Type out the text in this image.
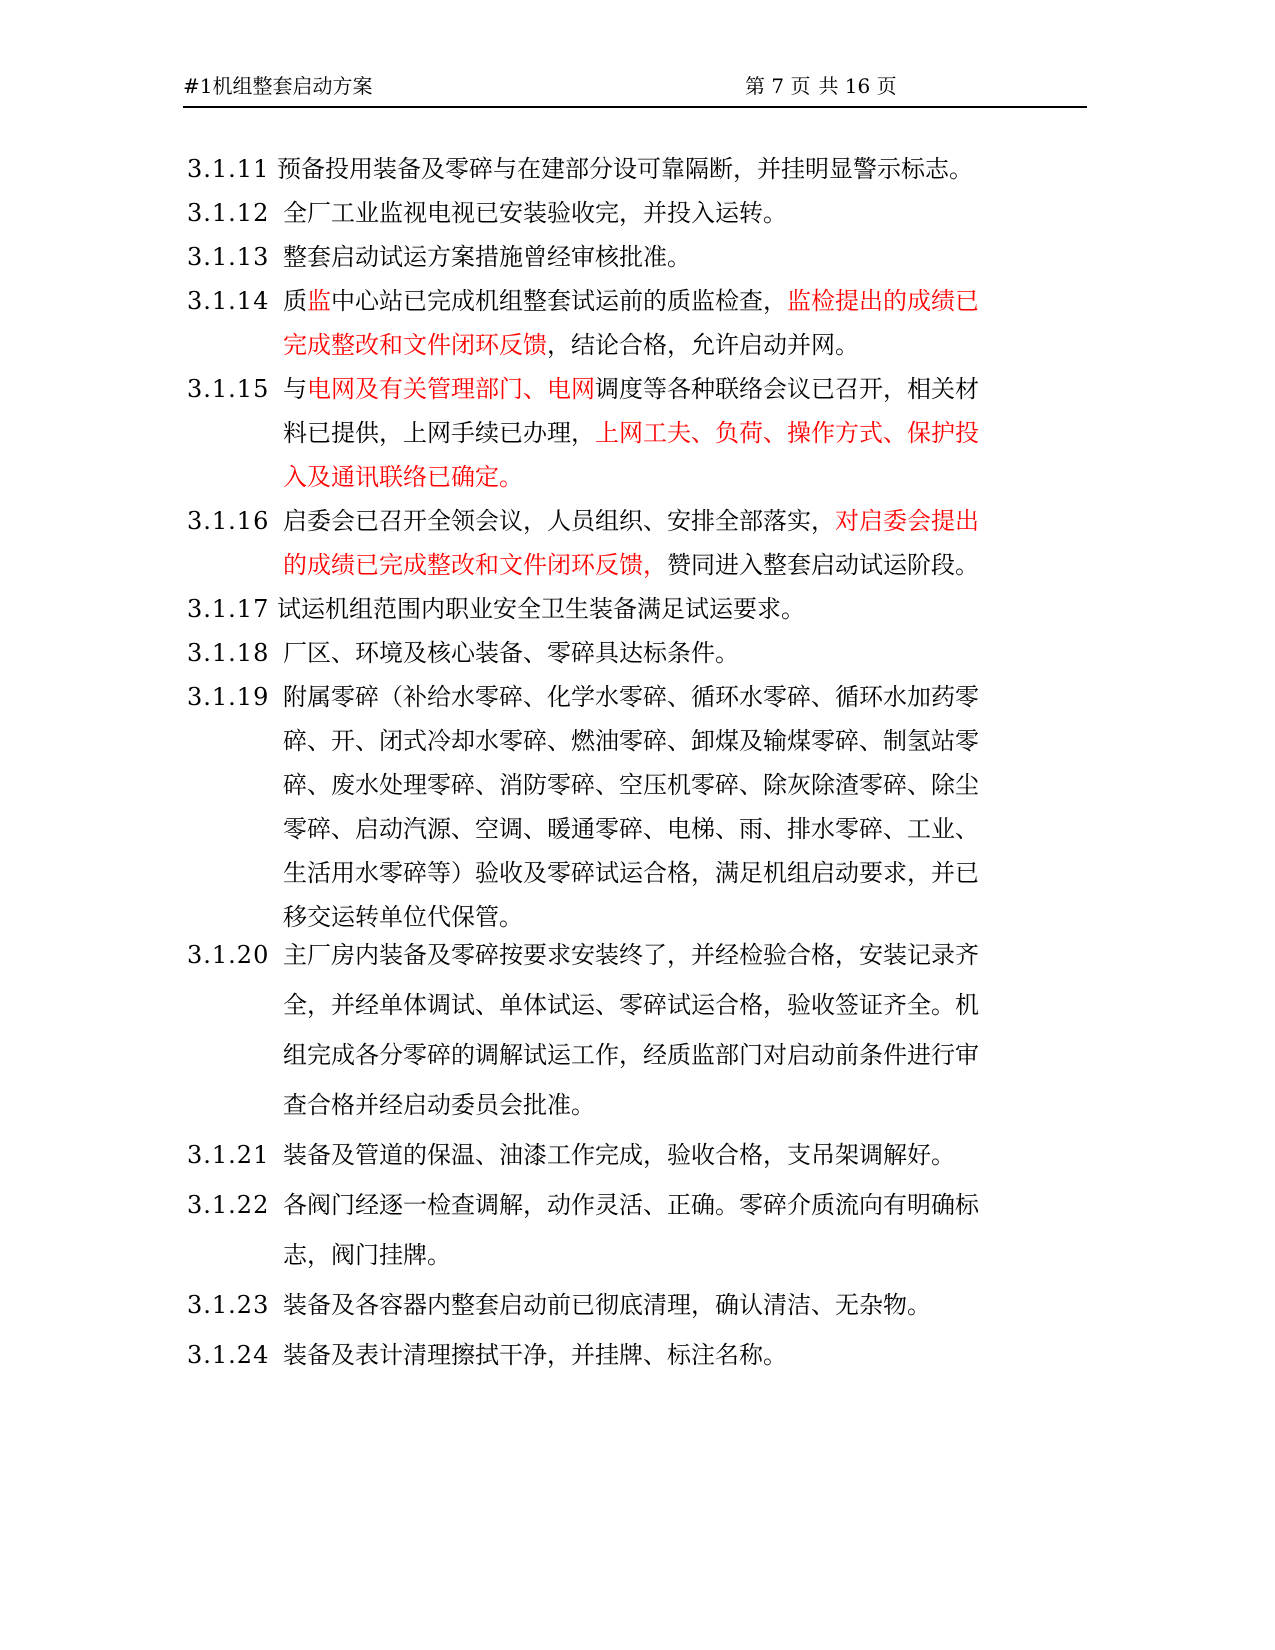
#1机组整套启动方案	第 7 页 共 16 页
3.1.11 预备投用装备及零碎与在建部分设可靠隔断，并挂明显警示标志。
3.1.12 全厂工业监视电视已安装验收完，并投入运转。
3.1.13 整套启动试运方案措施曾经审核批准。
3.1.14 质监中心站已完成机组整套试运前的质监检查，监检提出的成绩已
完成整改和文件闭环反馈，结论合格，允许启动并网。
3.1.15 与电网及有关管理部门、电网调度等各种联络会议已召开，相关材
料已提供，上网手续已办理，上网工夫、负荷、操作方式、保护投
入及通讯联络已确定。
3.1.16 启委会已召开全领会议，人员组织、安排全部落实，对启委会提出
的成绩已完成整改和文件闭环反馈，赞同进入整套启动试运阶段。
3.1.17 试运机组范围内职业安全卫生装备满足试运要求。
3.1.18 厂区、环境及核心装备、零碎具达标条件。
3.1.19 附属零碎（补给水零碎、化学水零碎、循环水零碎、循环水加药零
碎、开、闭式冷却水零碎、燃油零碎、卸煤及输煤零碎、制氢站零
碎、废水处理零碎、消防零碎、空压机零碎、除灰除渣零碎、除尘
零碎、启动汽源、空调、暖通零碎、电梯、雨、排水零碎、工业、
生活用水零碎等）验收及零碎试运合格，满足机组启动要求，并已
移交运转单位代保管。
3.1.20 主厂房内装备及零碎按要求安装终了，并经检验合格，安装记录齐
全，并经单体调试、单体试运、零碎试运合格，验收签证齐全。机
组完成各分零碎的调解试运工作，经质监部门对启动前条件进行审
查合格并经启动委员会批准。
3.1.21 装备及管道的保温、油漆工作完成，验收合格，支吊架调解好。
3.1.22 各阀门经逐一检查调解，动作灵活、正确。零碎介质流向有明确标
志，阀门挂牌。
3.1.23 装备及各容器内整套启动前已彻底清理，确认清洁、无杂物。
3.1.24 装备及表计清理擦拭干净，并挂牌、标注名称。
